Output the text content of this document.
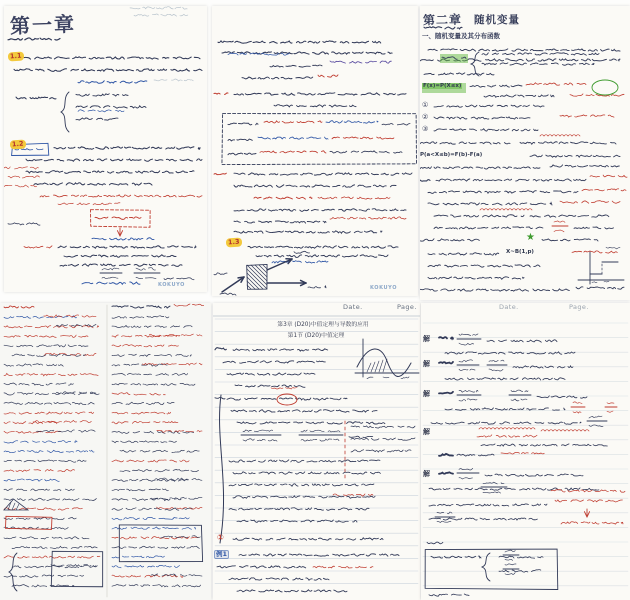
第一章
1.1
1.2
KOKUYO
1.3
KOKUYO
第二章 随机变量
一、随机变量及其分布函数
F(x)=P(X≤x)
①
②
③
P(a<X≤b)=F(b)-F(a)
★
X~B(1,p)
Date.	Page.
第3章 (D20)中值定理与导数的应用
第1节 (D20)中值定理
①
例1
Date.	Page.
解
解
解
解
解
